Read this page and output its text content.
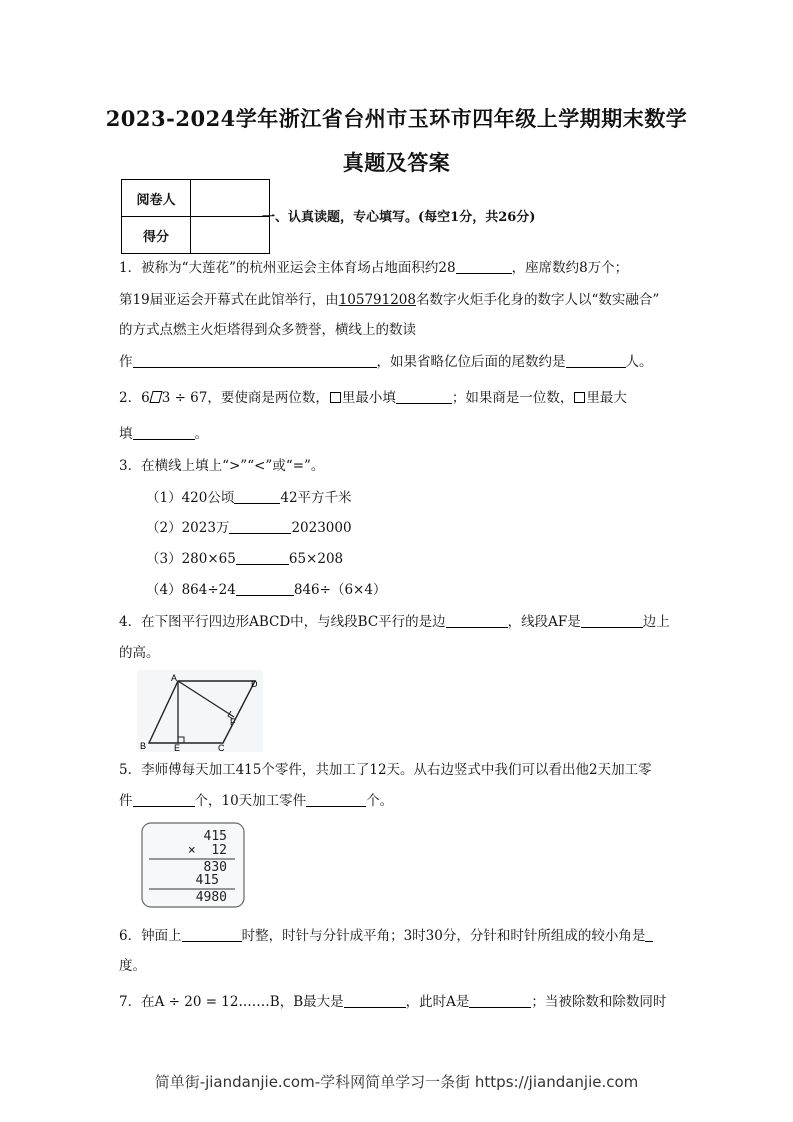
2023-2024学年浙江省台州市玉环市四年级上学期期末数学
真题及答案
阅卷人	
得分	
一、认真读题，专心填写。(每空1分，共26分)
1．被称为“大莲花”的杭州亚运会主体育场占地面积约28	，座席数约8万个；
第19届亚运会开幕式在此馆举行，由105791208名数字火炬手化身的数字人以“数实融合”
的方式点燃主火炬塔得到众多赞誉，横线上的数读
作	，如果省略亿位后面的尾数约是	人。
2．6 3 ÷ 67，要使商是两位数， 里最小填	；如果商是一位数， 里最大
填	。
3．在横线上填上“>”“<”或“=”。
（1）420公顷	42平方千米
（2）2023万	2023000
（3）280×65	65×208
（4）864÷24	846÷（6×4）
4．在下图平行四边形ABCD中，与线段BC平行的是边	，线段AF是	边上
的高。
A
B	C
D
E
F
5．李师傅每天加工415个零件，共加工了12天。从右边竖式中我们可以看出他2天加工零
件	个，10天加工零件	个。
415
×  12
830
415
4980
6．钟面上	时整，时针与分针成平角；3时30分，分针和时针所组成的较小角是
度。
7．在A ÷ 20 = 12.……B，B最大是	，此时A是	；当被除数和除数同时
简单街-jiandanjie.com-学科网简单学习一条街 https://jiandanjie.com
